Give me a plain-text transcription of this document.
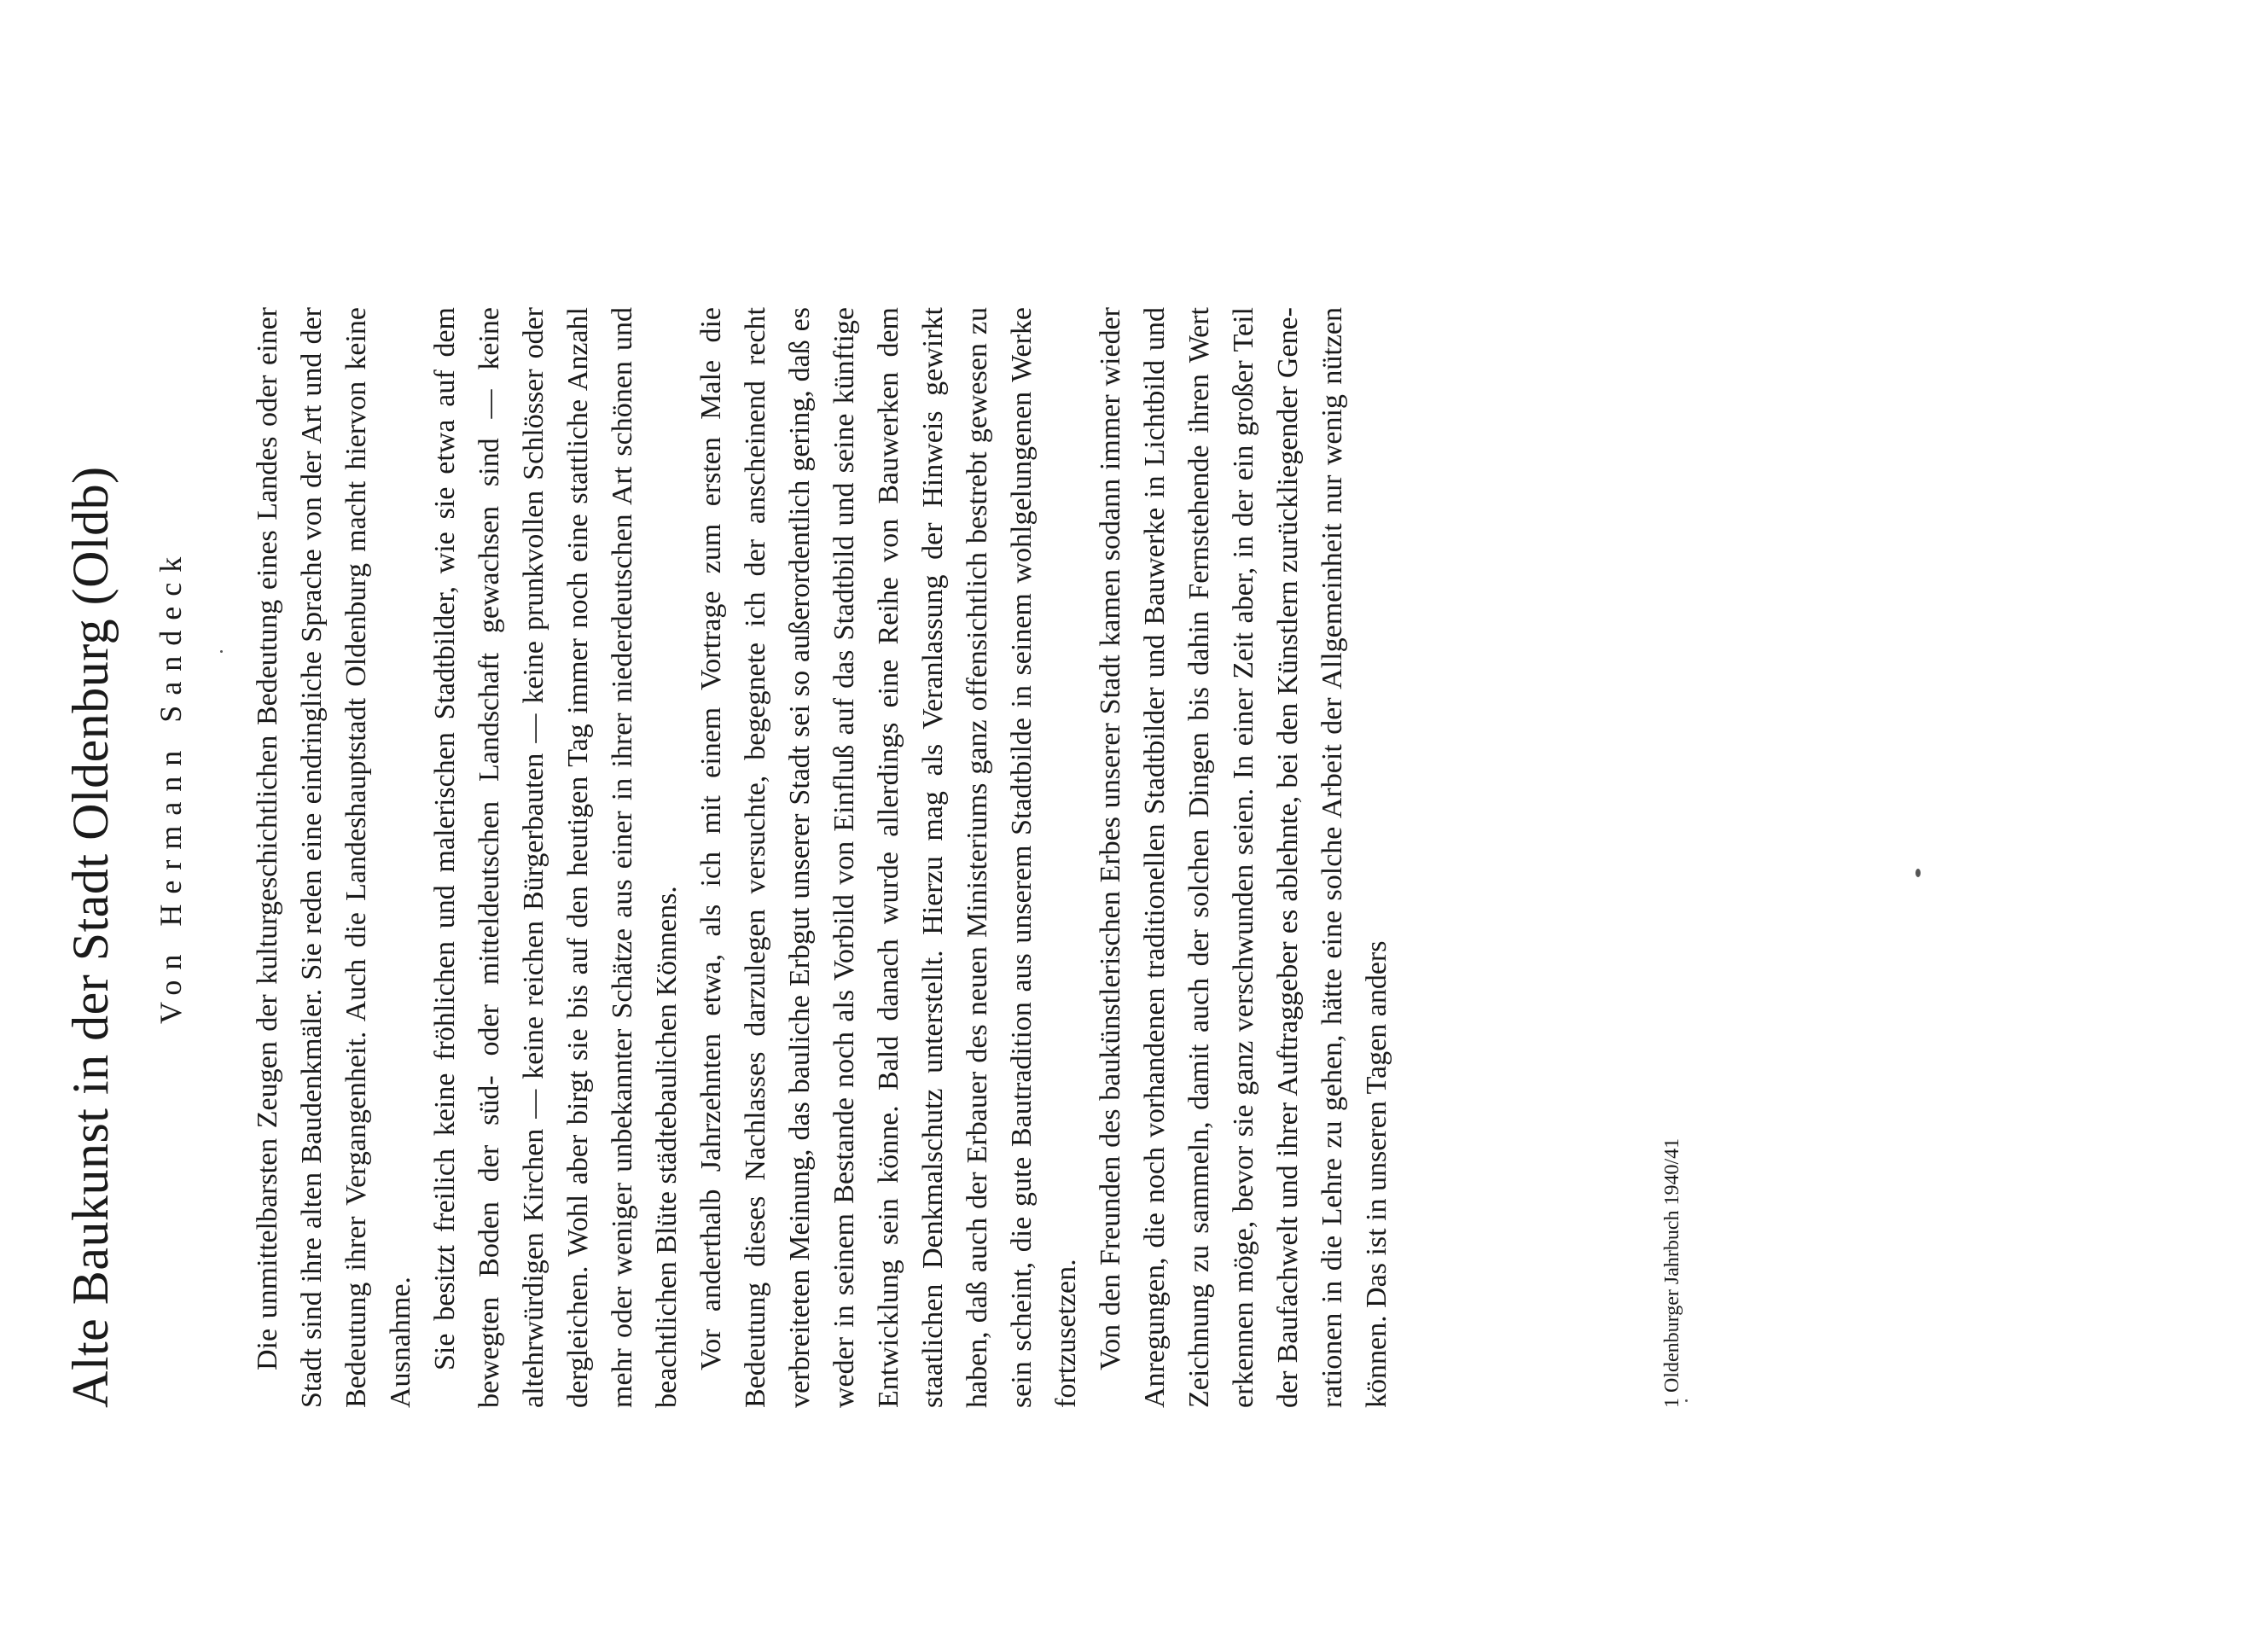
Alte Baukunst in der Stadt Oldenburg (Oldb) Von Hermann Sandeck Die unmittelbarsten Zeugen der kulturgeschichtlichen Bedeutung eines Landes oder einer Stadt sind ihre alten Baudenkmäler. Sie reden eine eindringliche Sprache von der Art und der Bedeutung ihrer Vergangenheit. Auch die Landeshauptstadt Oldenburg macht hiervon keine Ausnahme. Sie besitzt freilich keine fröhlichen und malerischen Stadtbilder, wie sie etwa auf dem bewegten Boden der süd- oder mitteldeutschen Landschaft gewachsen sind — keine altehrwürdigen Kirchen — keine reichen Bürgerbauten — keine prunkvollen Schlösser oder dergleichen. Wohl aber birgt sie bis auf den heutigen Tag immer noch eine stattliche Anzahl mehr oder weniger unbekannter Schätze aus einer in ihrer niederdeutschen Art schönen und beachtlichen Blüte städtebaulichen Könnens. Vor anderthalb Jahrzehnten etwa, als ich mit einem Vortrage zum ersten Male die Bedeutung dieses Nachlasses darzulegen versuchte, begegnete ich der anscheinend recht verbreiteten Meinung, das bauliche Erbgut unserer Stadt sei so außerordentlich gering, daß es weder in seinem Bestande noch als Vorbild von Einfluß auf das Stadtbild und seine künftige Entwicklung sein könne. Bald danach wurde allerdings eine Reihe von Bauwerken dem staatlichen Denkmalschutz unterstellt. Hierzu mag als Veranlassung der Hinweis gewirkt haben, daß auch der Erbauer des neuen Ministeriums ganz offensichtlich bestrebt gewesen zu sein scheint, die gute Bautradition aus unserem Stadtbilde in seinem wohlgelungenen Werke fortzusetzen. Von den Freunden des baukünstlerischen Erbes unserer Stadt kamen sodann immer wieder Anregungen, die noch vorhandenen traditionellen Stadtbilder und Bauwerke in Lichtbild und Zeichnung zu sammeln, damit auch der solchen Dingen bis dahin Fernstehende ihren Wert erkennen möge, bevor sie ganz verschwunden seien. In einer Zeit aber, in der ein großer Teil der Baufachwelt und ihrer Auftraggeber es ablehnte, bei den Künstlern zurückliegender Generationen in die Lehre zu gehen, hätte eine solche Arbeit der Allgemeinheit nur wenig nützen können. Das ist in unseren Tagen anders	1 Oldenburger Jahrbuch 1940/41
